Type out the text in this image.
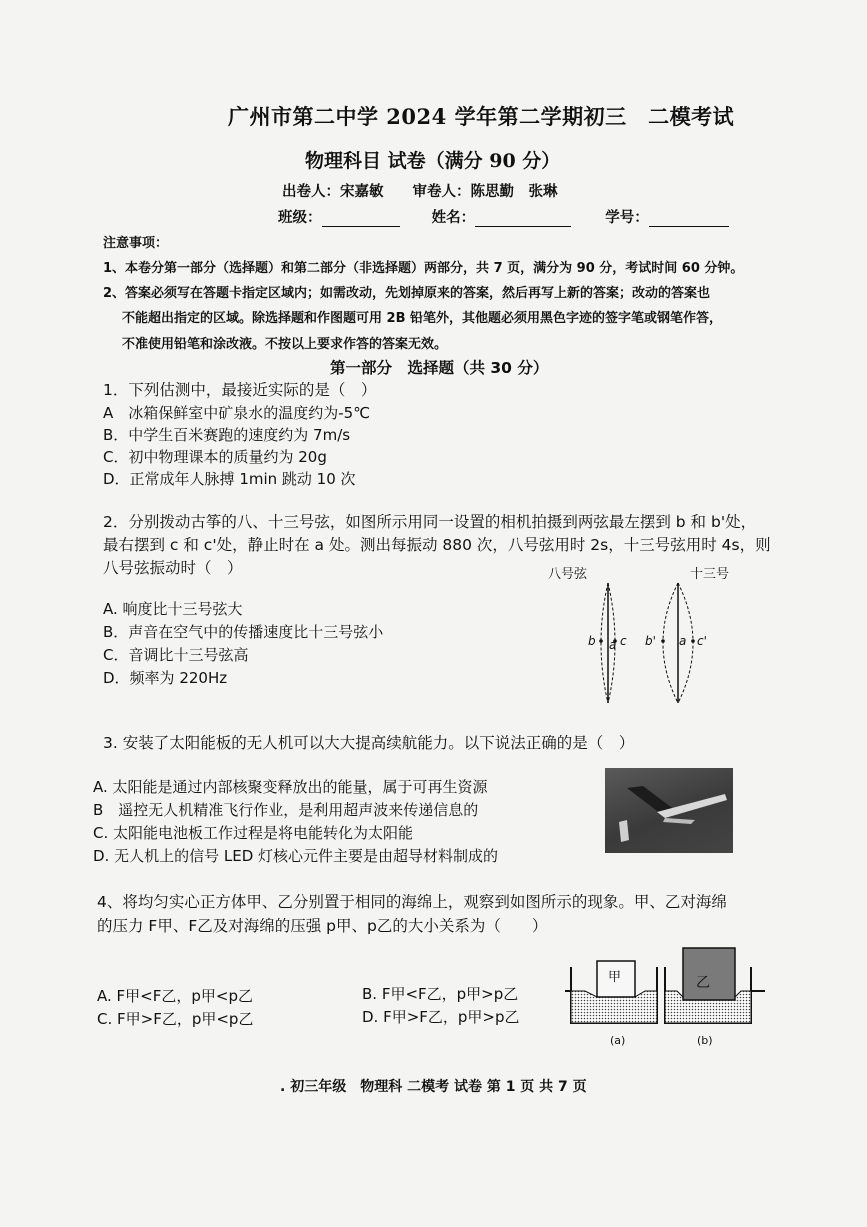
广州市第二中学 2024 学年第二学期初三　二模考试
物理科目 试卷（满分 90 分）
出卷人：宋嘉敏　　审卷人：陈思勤　张琳
班级：	姓名：	学号：
注意事项：
1、本卷分第一部分（选择题）和第二部分（非选择题）两部分，共 7 页，满分为 90 分，考试时间 60 分钟。
2、答案必须写在答题卡指定区域内；如需改动，先划掉原来的答案，然后再写上新的答案；改动的答案也
不能超出指定的区域。除选择题和作图题可用 2B 铅笔外，其他题必须用黑色字迹的签字笔或钢笔作答，
不准使用铅笔和涂改液。不按以上要求作答的答案无效。
第一部分　选择题（共 30 分）
1．下列估测中，最接近实际的是（　）
A　冰箱保鲜室中矿泉水的温度约为-5℃
B．中学生百米赛跑的速度约为 7m/s
C．初中物理课本的质量约为 20g
D．正常成年人脉搏 1min 跳动 10 次
2．分别拨动古筝的八、十三号弦，如图所示用同一设置的相机拍摄到两弦最左摆到 b 和 b'处，
最右摆到 c 和 c'处，静止时在 a 处。测出每振动 880 次，八号弦用时 2s，十三号弦用时 4s，则
八号弦振动时（　）
A. 响度比十三号弦大
B．声音在空气中的传播速度比十三号弦小
C．音调比十三号弦高
D．频率为 220Hz
八号弦	十三号
b a c b' a c'
3. 安装了太阳能板的无人机可以大大提高续航能力。以下说法正确的是（　）
A. 太阳能是通过内部核聚变释放出的能量，属于可再生资源
B　遥控无人机精准飞行作业，是利用超声波来传递信息的
C. 太阳能电池板工作过程是将电能转化为太阳能
D. 无人机上的信号 LED 灯核心元件主要是由超导材料制成的
4、将均匀实心正方体甲、乙分别置于相同的海绵上，观察到如图所示的现象。甲、乙对海绵
的压力 F甲、F乙及对海绵的压强 p甲、p乙的大小关系为（　　）
A. F甲<F乙，p甲<p乙	B. F甲<F乙，p甲>p乙
C. F甲>F乙，p甲<p乙	D. F甲>F乙，p甲>p乙
甲	乙
(a)	(b)
. 初三年级　物理科 二模考 试卷 第 1 页 共 7 页
